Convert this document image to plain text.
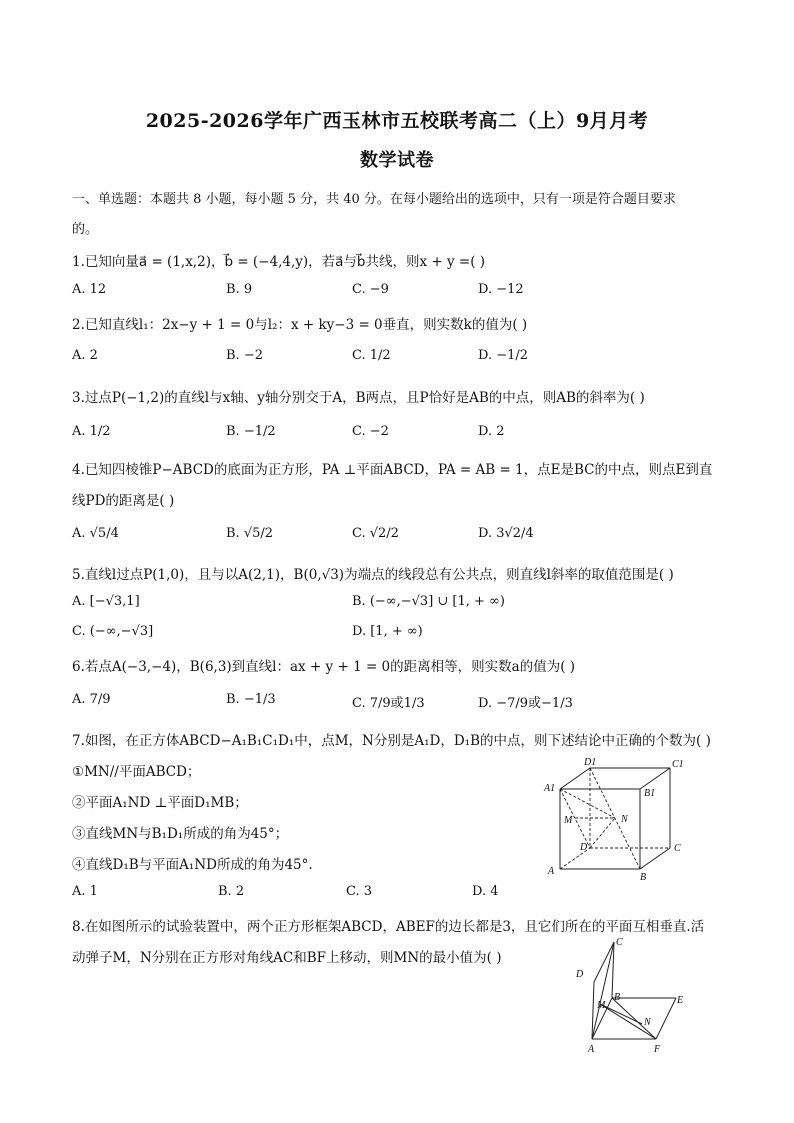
2025-2026学年广西玉林市五校联考高二（上）9月月考
数学试卷
一、单选题：本题共 8 小题，每小题 5 分，共 40 分。在每小题给出的选项中，只有一项是符合题目要求
的。
1.已知向量a⃗ = (1,x,2)，b⃗ = (−4,4,y)，若a⃗与b⃗共线，则x + y =( )
A. 12	B. 9	C. −9	D. −12
2.已知直线l₁：2x−y + 1 = 0与l₂：x + ky−3 = 0垂直，则实数k的值为( )
A. 2	B. −2	C. 1/2	D. −1/2
3.过点P(−1,2)的直线l与x轴、y轴分别交于A，B两点，且P恰好是AB的中点，则AB的斜率为( )
A. 1/2	B. −1/2	C. −2	D. 2
4.已知四棱锥P−ABCD的底面为正方形，PA ⊥平面ABCD，PA = AB = 1，点E是BC的中点，则点E到直
线PD的距离是( )
A. √5/4	B. √5/2	C. √2/2	D. 3√2/4
5.直线l过点P(1,0)，且与以A(2,1)，B(0,√3)为端点的线段总有公共点，则直线l斜率的取值范围是( )
A. [−√3,1]	B. (−∞,−√3] ∪ [1, + ∞)
C. (−∞,−√3]	D. [1, + ∞)
6.若点A(−3,−4)，B(6,3)到直线l：ax + y + 1 = 0的距离相等，则实数a的值为( )
A. 7/9	B. −1/3	C. 7/9或1/3	D. −7/9或−1/3
7.如图，在正方体ABCD−A₁B₁C₁D₁中，点M，N分别是A₁D，D₁B的中点，则下述结论中正确的个数为( )
①MN//平面ABCD；
②平面A₁ND ⊥平面D₁MB；
③直线MN与B₁D₁所成的角为45°；
④直线D₁B与平面A₁ND所成的角为45°.
A. 1	B. 2	C. 3	D. 4
D1	C1
A1	B1
M	N
D	C
A
B
8.在如图所示的试验装置中，两个正方形框架ABCD，ABEF的边长都是3，且它们所在的平面互相垂直.活
动弹子M，N分别在正方形对角线AC和BF上移动，则MN的最小值为( )
C
D
M
B	E
N
A	F
